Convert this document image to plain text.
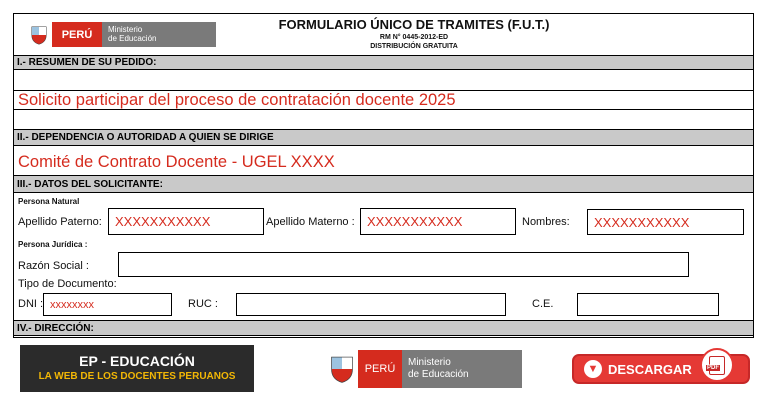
PERÚ	Ministerio
de Educación
FORMULARIO ÚNICO DE TRAMITES (F.U.T.)
RM N° 0445-2012-ED
DISTRIBUCIÓN GRATUITA
I.- RESUMEN DE SU PEDIDO:
Solicito participar del proceso de contratación docente 2025
II.- DEPENDENCIA O AUTORIDAD A QUIEN SE DIRIGE
Comité de Contrato Docente - UGEL XXXX
III.- DATOS DEL SOLICITANTE:
Persona Natural
Apellido Paterno:	XXXXXXXXXXX	Apellido Materno : XXXXXXXXXXX	Nombres:	XXXXXXXXXXX
Persona Jurídica :
Razón Social :
Tipo de Documento:
DNI : xxxxxxxx	RUC :	C.E.
IV.- DIRECCIÓN:
EP - EDUCACIÓN
LA WEB DE LOS DOCENTES PERUANOS
PERÚ
Ministerio
de Educación	▼ DESCARGAR	PDF
